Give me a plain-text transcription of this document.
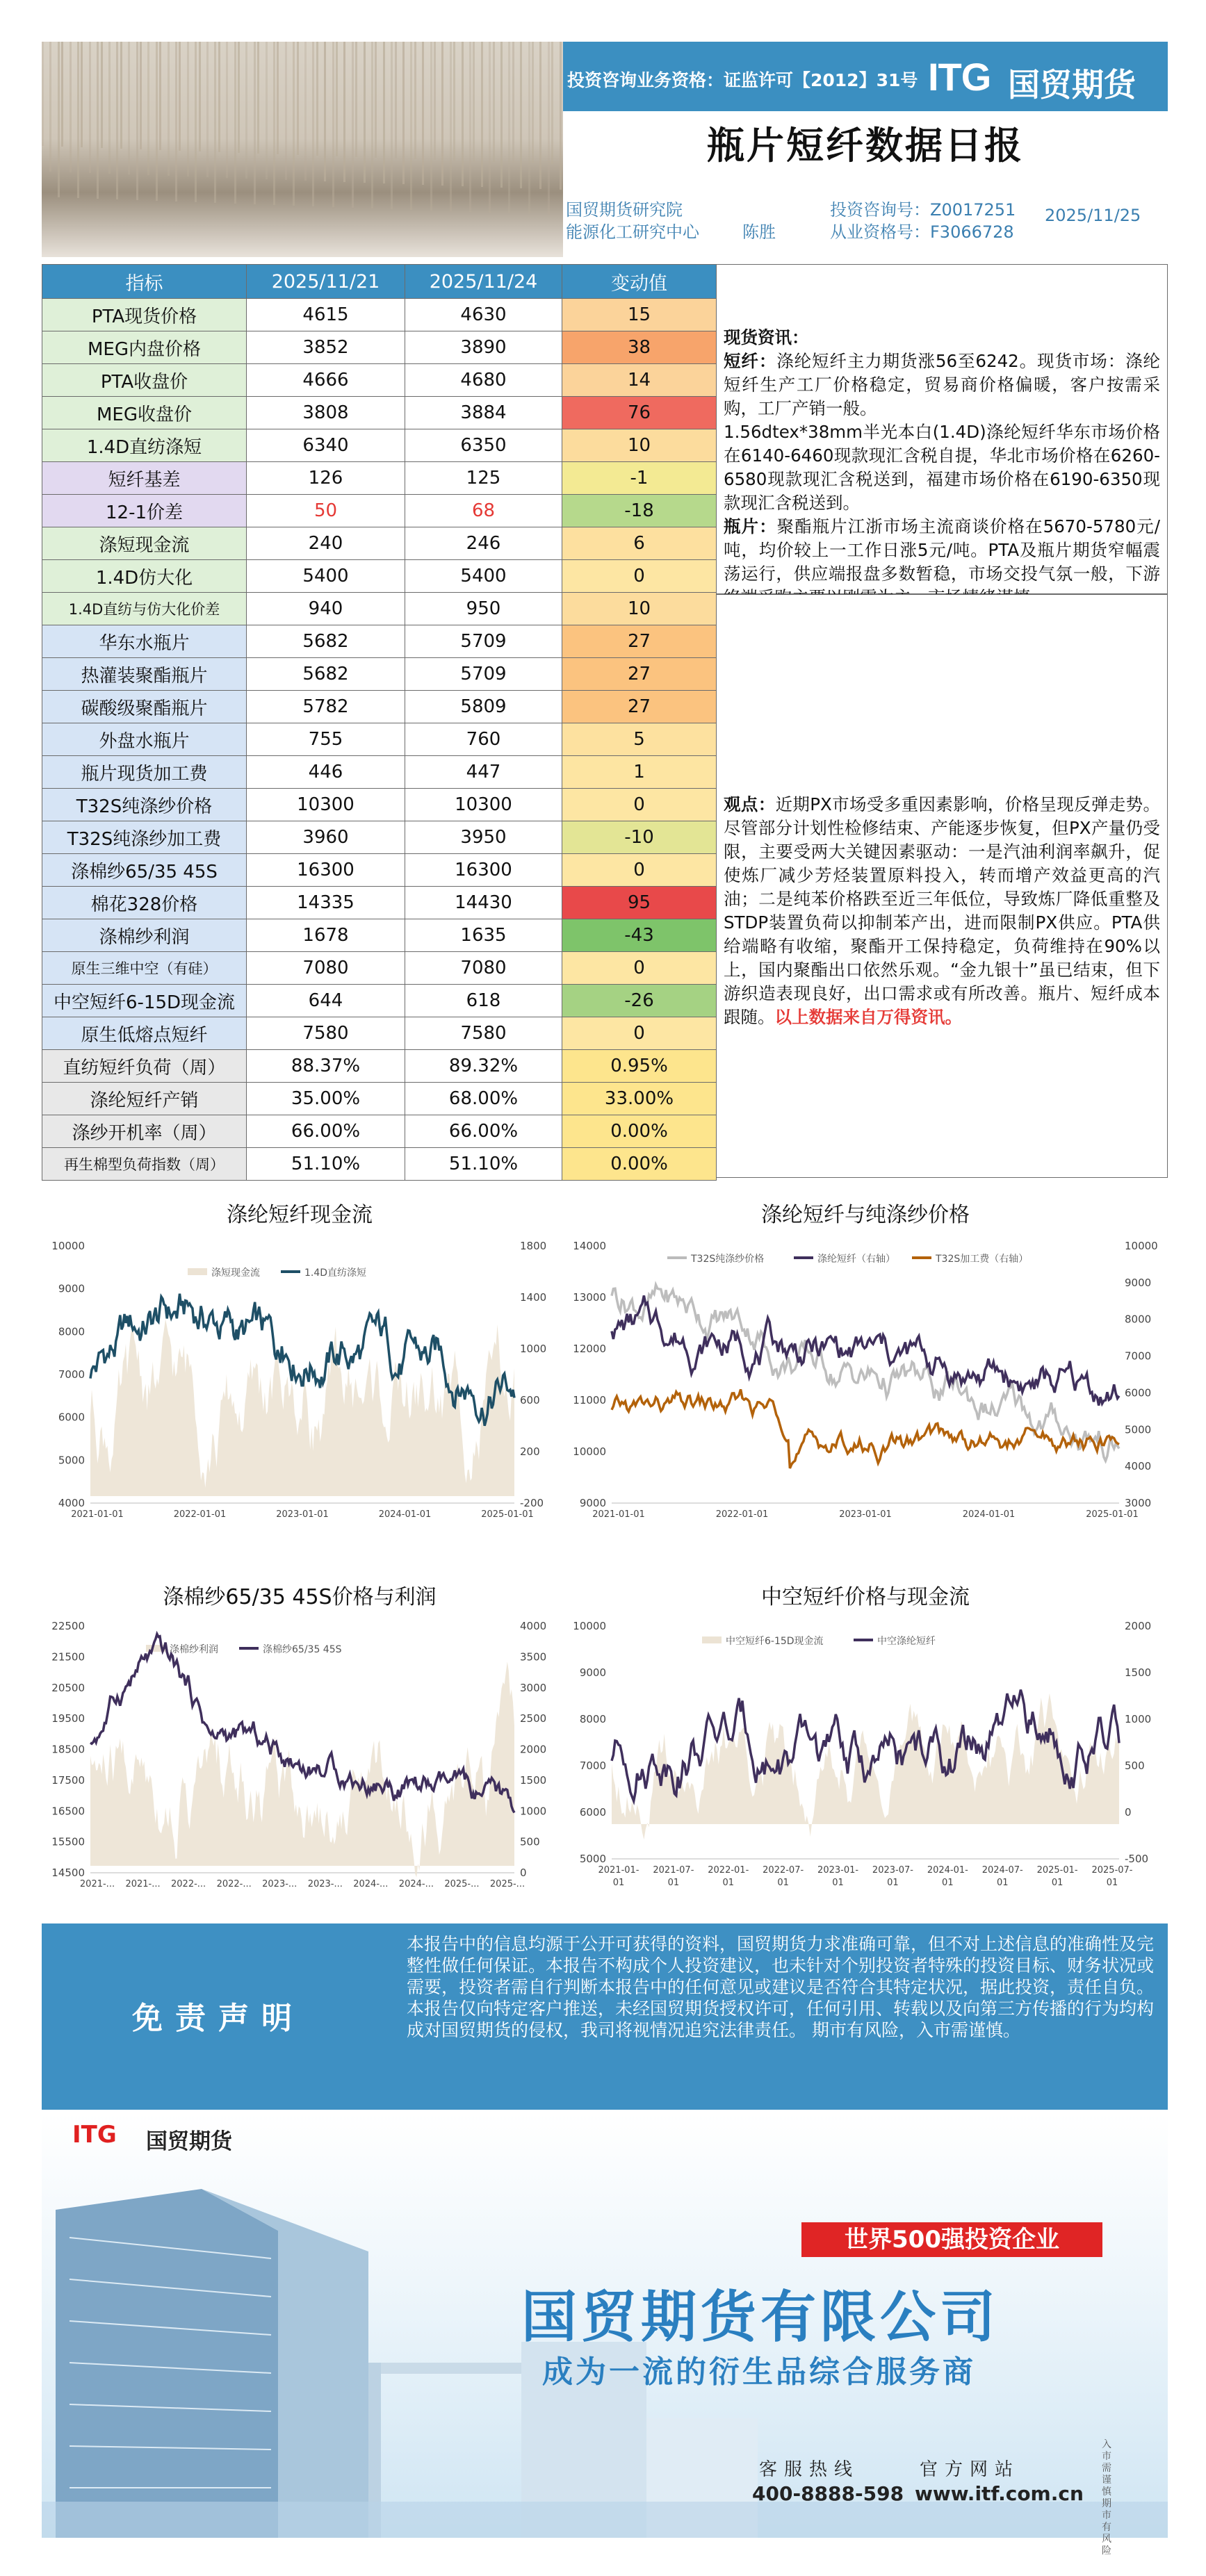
投资咨询业务资格：证监许可【2012】31号 ITG 国贸期货
瓶片短纤数据日报
国贸期货研究院
能源化工研究中心	陈胜
投资咨询号：Z0017251
从业资格号：F3066728
2025/11/25
指标	2025/11/21	2025/11/24	变动值
PTA现货价格	4615	4630	15
MEG内盘价格	3852	3890	38
PTA收盘价	4666	4680	14
MEG收盘价	3808	3884	76
1.4D直纺涤短	6340	6350	10
短纤基差	126	125	-1
12-1价差	50	68	-18
涤短现金流	240	246	6
1.4D仿大化	5400	5400	0
1.4D直纺与仿大化价差	940	950	10
华东水瓶片	5682	5709	27
热灌装聚酯瓶片	5682	5709	27
碳酸级聚酯瓶片	5782	5809	27
外盘水瓶片	755	760	5
瓶片现货加工费	446	447	1
T32S纯涤纱价格	10300	10300	0
T32S纯涤纱加工费	3960	3950	-10
涤棉纱65/35 45S	16300	16300	0
棉花328价格	14335	14430	95
涤棉纱利润	1678	1635	-43
原生三维中空（有硅）	7080	7080	0
中空短纤6-15D现金流	644	618	-26
原生低熔点短纤	7580	7580	0
直纺短纤负荷（周）	88.37%	89.32%	0.95%
涤纶短纤产销	35.00%	68.00%	33.00%
涤纱开机率（周）	66.00%	66.00%	0.00%
再生棉型负荷指数（周）	51.10%	51.10%	0.00%
现货资讯：
短纤：涤纶短纤主力期货涨56至6242。现货市场：涤纶短纤生产工厂价格稳定，贸易商价格偏暖，客户按需采购，工厂产销一般。
1.56dtex*38mm半光本白(1.4D)涤纶短纤华东市场价格在6140-6460现款现汇含税自提，华北市场价格在6260-6580现款现汇含税送到，福建市场价格在6190-6350现款现汇含税送到。
瓶片：聚酯瓶片江浙市场主流商谈价格在5670-5780元/吨，均价较上一工作日涨5元/吨。PTA及瓶片期货窄幅震荡运行，供应端报盘多数暂稳，市场交投气氛一般，下游
观点：近期PX市场受多重因素影响，价格呈现反弹走势。尽管部分计划性检修结束、产能逐步恢复，但PX产量仍受限，主要受两大关键因素驱动：一是汽油利润率飙升，促使炼厂减少芳烃装置原料投入，转而增产效益更高的汽油；二是纯苯价格跌至近三年低位，导致炼厂降低重整及STDP装置负荷以抑制苯产出，进而限制PX供应。PTA供给端略有收缩，聚酯开工保持稳定，负荷维持在90%以上，国内聚酯出口依然乐观。“金九银十”虽已结束，但下游织造表现良好，出口需求或有所改善。瓶片、短纤成本跟随。以上数据来自万得资讯。
涤纶短纤现金流
10000
9000
8000
7000
6000
5000
4000
1800
1400
1000
600
200
-200
2021-01-01	2022-01-01	2023-01-01	2024-01-01	2025-01-01
涤短现金流	1.4D直纺涤短
涤纶短纤与纯涤纱价格
14000
13000
12000
11000
10000
9000
10000
9000
8000
7000
6000
5000
4000
3000
2021-01-01	2022-01-01	2023-01-01	2024-01-01	2025-01-01
T32S纯涤纱价格	涤纶短纤（右轴）	T32S加工费（右轴）
涤棉纱65/35 45S价格与利润
22500
21500
20500
19500
18500
17500
16500
15500
14500
4000
3500
3000
2500
2000
1500
1000
500
0
2021-... 2021-... 2022-... 2022-... 2023-... 2023-... 2024-... 2024-... 2025-... 2025-...
涤棉纱利润	涤棉纱65/35 45S
中空短纤价格与现金流
10000
9000
8000
7000
6000
5000
2000
1500
1000
500
0
-500
2021-01-
01
2021-07-
01
2022-01-
01
2022-07-
01
2023-01-
01
2023-07-
01
2024-01-
01
2024-07-
01
2025-01-
01
2025-07-
01
中空短纤6-15D现金流	中空涤纶短纤
免责声明
本报告中的信息均源于公开可获得的资料，国贸期货力求准确可靠，但不对上述信息的准确性及完整性做任何保证。本报告不构成个人投资建议，也未针对个别投资者特殊的投资目标、财务状况或需要，投资者需自行判断本报告中的任何意见或建议是否符合其特定状况，据此投资，责任自负。本报告仅向特定客户推送，未经国贸期货授权许可，任何引用、转载以及向第三方传播的行为均构成对国贸期货的侵权，我司将视情况追究法律责任。 期市有风险，入市需谨慎。
ITG 国贸期货
世界500强投资企业
国贸期货有限公司
成为一流的衍生品综合服务商
客服热线	官方网站
400-8888-598 www.itf.com.cn
入市需谨慎期市有风险
